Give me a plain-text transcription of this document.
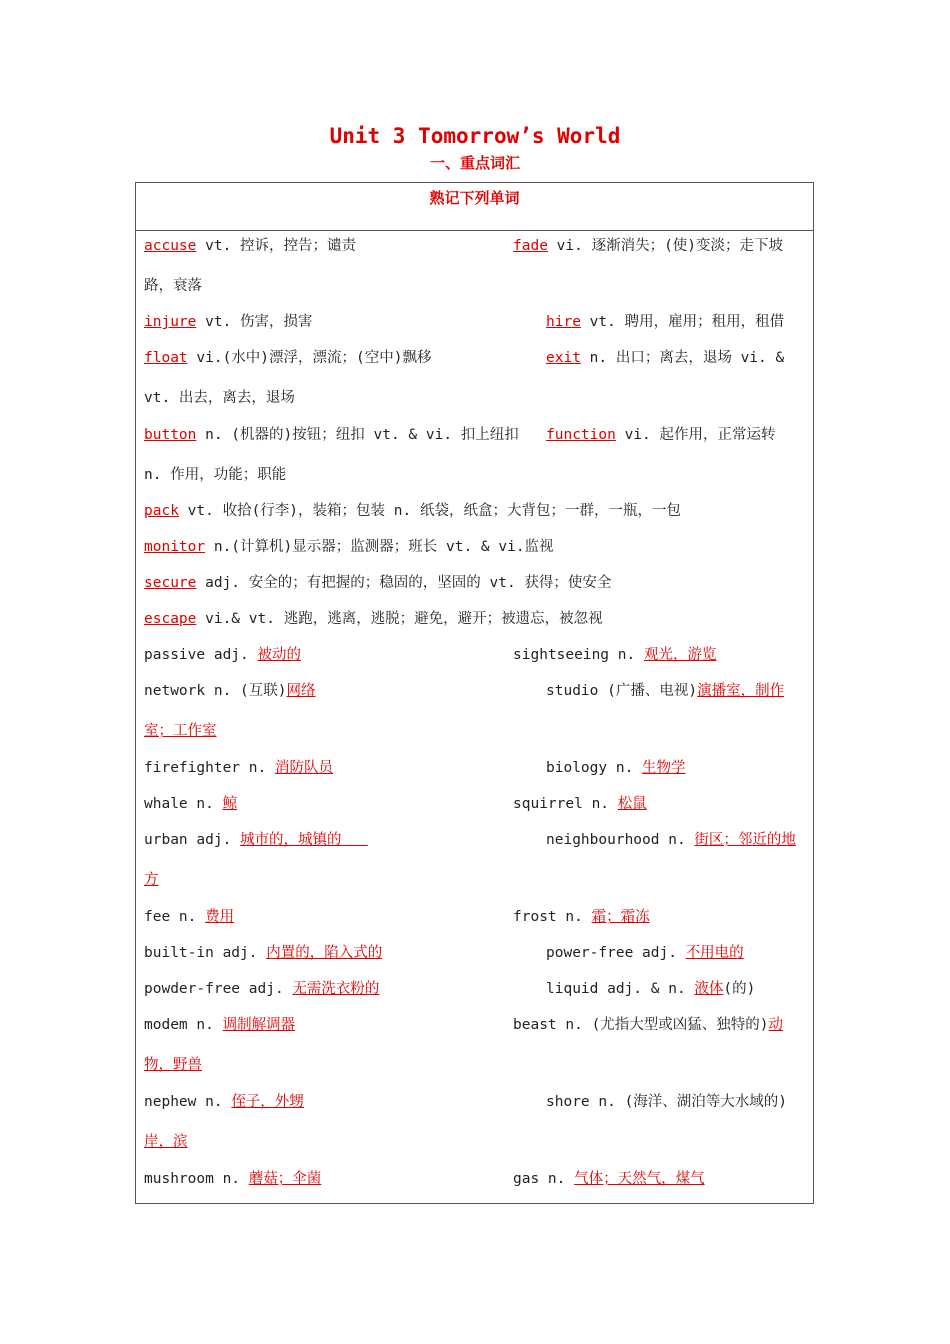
Unit 3 Tomorrow’s World
一、重点词汇
熟记下列单词
accuse vt. 控诉，控告；谴责	fade vi. 逐渐消失；(使)变淡；走下坡
路，衰落
injure vt. 伤害，损害	hire vt. 聘用，雇用；租用，租借
float vi.(水中)漂浮，漂流；(空中)飘移	exit n. 出口；离去，退场 vi. &
vt. 出去，离去，退场
button n. (机器的)按钮；纽扣 vt. & vi. 扣上纽扣 function vi. 起作用，正常运转
n. 作用，功能；职能
pack vt. 收拾(行李)，装箱；包装 n. 纸袋，纸盒；大背包；一群，一瓶，一包
monitor n.(计算机)显示器；监测器；班长 vt. & vi.监视
secure adj. 安全的；有把握的；稳固的，坚固的 vt. 获得；使安全
escape vi.& vt. 逃跑，逃离，逃脱；避免，避开；被遗忘，被忽视
passive adj. 被动的	sightseeing n. 观光，游览
network n. (互联)网络	studio (广播、电视)演播室，制作
室；工作室
firefighter n. 消防队员	biology n. 生物学
whale n. 鲸	squirrel n. 松鼠
urban adj. 城市的，城镇的	neighbourhood n. 街区；邻近的地
方
fee n. 费用	frost n. 霜；霜冻
built-in adj. 内置的，陷入式的	power-free adj. 不用电的
powder-free adj. 无需洗衣粉的	liquid adj. & n. 液体(的)
modem n. 调制解调器	beast n. (尤指大型或凶猛、独特的)动
物，野兽
nephew n. 侄子，外甥	shore n. (海洋、湖泊等大水域的)
岸，滨
mushroom n. 蘑菇；伞菌	gas n. 气体；天然气，煤气
